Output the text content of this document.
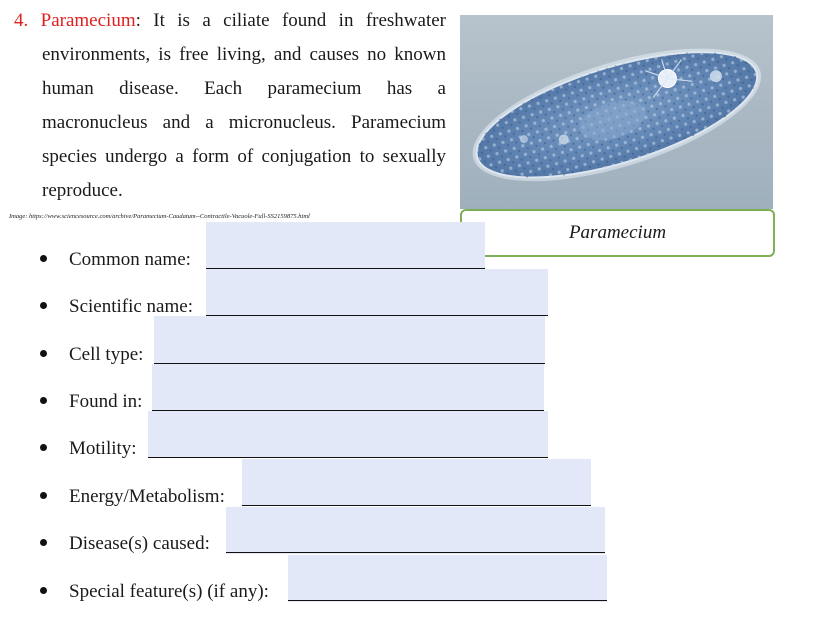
4. Paramecium: It is a ciliate found in freshwater
environments, is free living, and causes no known
human disease. Each paramecium has a
macronucleus and a micronucleus. Paramecium
species undergo a form of conjugation to sexually
reproduce.
Image: https://www.sciencesource.com/archive/Paramecium-Caudatum--Contractile-Vacuole-Full-SS2159875.html
Paramecium
Common name:
Scientific name:
Cell type:
Found in:
Motility:
Energy/Metabolism:
Disease(s) caused:
Special feature(s) (if any):
